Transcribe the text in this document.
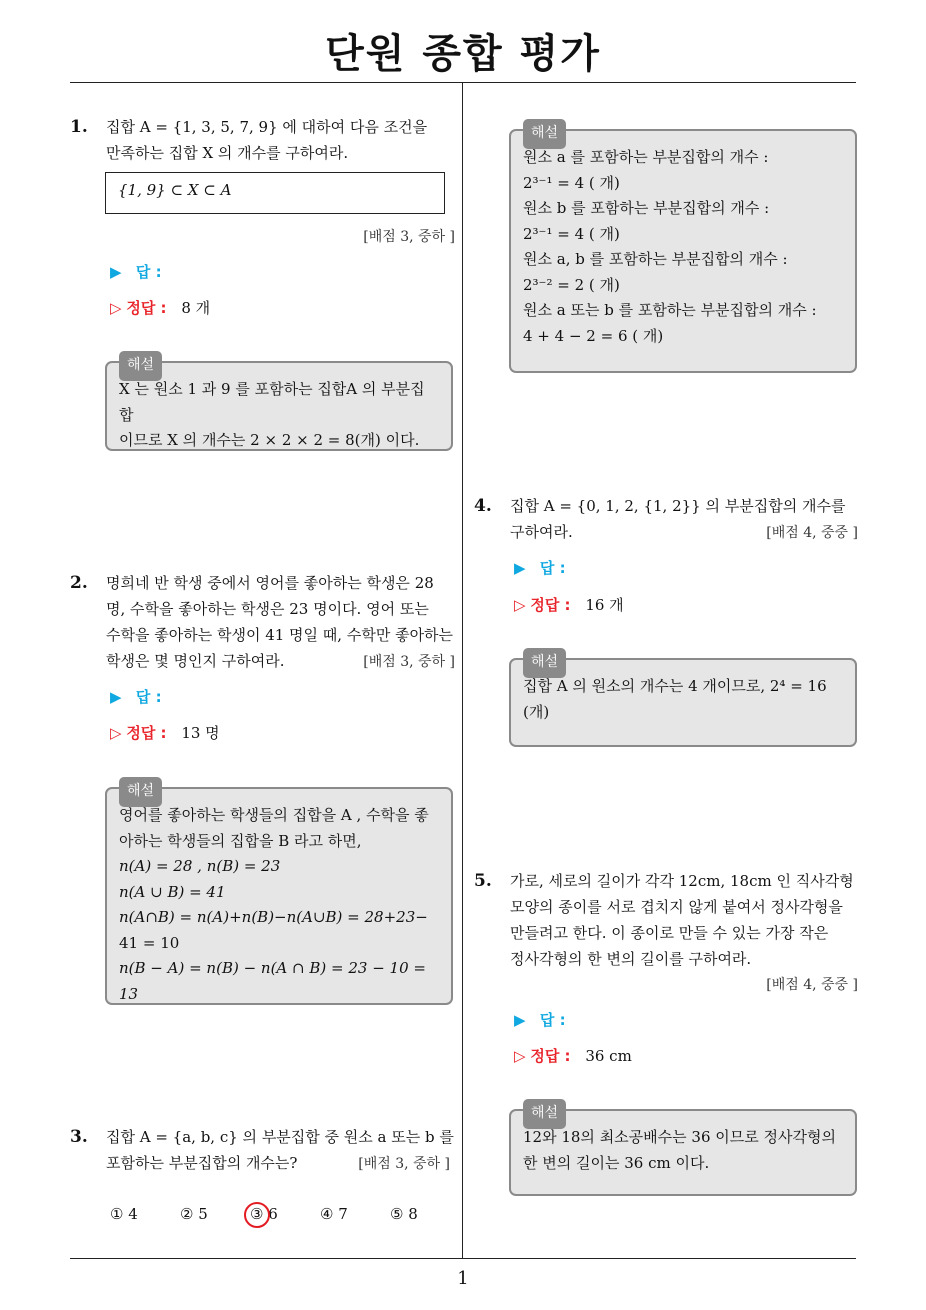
단원 종합 평가
1
1. 집합 A = {1, 3, 5, 7, 9} 에 대하여 다음 조건을
만족하는 집합 X 의 개수를 구하여라.
{1, 9} ⊂ X ⊂ A
[배점 3, 중하 ]
▶ 답 :
▷ 정답 : 8 개
해설
X 는 원소 1 과 9 를 포함하는 집합A 의 부분집합
이므로 X 의 개수는 2 × 2 × 2 = 8(개) 이다.
2. 명희네 반 학생 중에서 영어를 좋아하는 학생은 28
명, 수학을 좋아하는 학생은 23 명이다. 영어 또는
수학을 좋아하는 학생이 41 명일 때, 수학만 좋아하는
학생은 몇 명인지 구하여라.	[배점 3, 중하 ]
▶ 답 :
▷ 정답 : 13 명
해설
영어를 좋아하는 학생들의 집합을 A , 수학을 좋
아하는 학생들의 집합을 B 라고 하면,
n(A) = 28 , n(B) = 23
n(A ∪ B) = 41
n(A∩B) = n(A)+n(B)−n(A∪B) = 28+23−
41 = 10
n(B − A) = n(B) − n(A ∩ B) = 23 − 10 = 13
3. 집합 A = {a, b, c} 의 부분집합 중 원소 a 또는 b 를
포함하는 부분집합의 개수는?	[배점 3, 중하 ]
① 4	② 5	③ 6	④ 7	⑤ 8
해설
원소 a 를 포함하는 부분집합의 개수 :
2³⁻¹ = 4 ( 개)
원소 b 를 포함하는 부분집합의 개수 :
2³⁻¹ = 4 ( 개)
원소 a, b 를 포함하는 부분집합의 개수 :
2³⁻² = 2 ( 개)
원소 a 또는 b 를 포함하는 부분집합의 개수 :
4 + 4 − 2 = 6 ( 개)
4. 집합 A = {0, 1, 2, {1, 2}} 의 부분집합의 개수를
구하여라.	[배점 4, 중중 ]
▶ 답 :
▷ 정답 : 16 개
해설
집합 A 의 원소의 개수는 4 개이므로, 2⁴ = 16
(개)
5. 가로, 세로의 길이가 각각 12cm, 18cm 인 직사각형
모양의 종이를 서로 겹치지 않게 붙여서 정사각형을
만들려고 한다. 이 종이로 만들 수 있는 가장 작은
정사각형의 한 변의 길이를 구하여라.
[배점 4, 중중 ]
▶ 답 :
▷ 정답 : 36 cm
해설
12와 18의 최소공배수는 36 이므로 정사각형의
한 변의 길이는 36 cm 이다.
